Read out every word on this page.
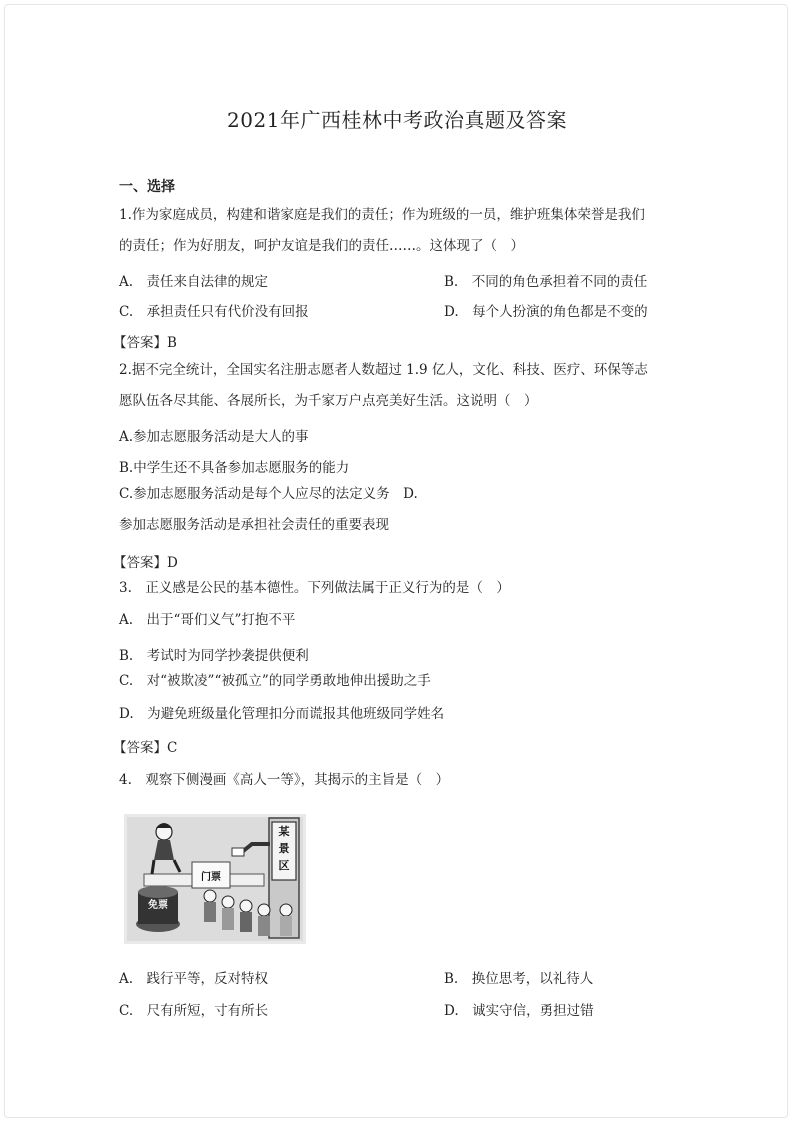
2021年广西桂林中考政治真题及答案
一、选择
1.作为家庭成员，构建和谐家庭是我们的责任；作为班级的一员，维护班集体荣誉是我们
的责任；作为好朋友，呵护友谊是我们的责任……。这体现了（　）
A.　责任来自法律的规定	B.　不同的角色承担着不同的责任
C.　承担责任只有代价没有回报	D.　每个人扮演的角色都是不变的
【答案】B
2.据不完全统计，全国实名注册志愿者人数超过 1.9 亿人，文化、科技、医疗、环保等志
愿队伍各尽其能、各展所长，为千家万户点亮美好生活。这说明（　）
A.参加志愿服务活动是大人的事
B.中学生还不具备参加志愿服务的能力
C.参加志愿服务活动是每个人应尽的法定义务　D.
参加志愿服务活动是承担社会责任的重要表现
【答案】D
3.　正义感是公民的基本德性。下列做法属于正义行为的是（　）
A.　出于“哥们义气”打抱不平
B.　考试时为同学抄袭提供便利
C.　对“被欺凌”“被孤立”的同学勇敢地伸出援助之手
D.　为避免班级量化管理扣分而谎报其他班级同学姓名
【答案】C
4.　观察下侧漫画《高人一等》，其揭示的主旨是（　）
某
景
区
免票
门票
A.　践行平等，反对特权	B.　换位思考，以礼待人
C.　尺有所短，寸有所长	D.　诚实守信，勇担过错
